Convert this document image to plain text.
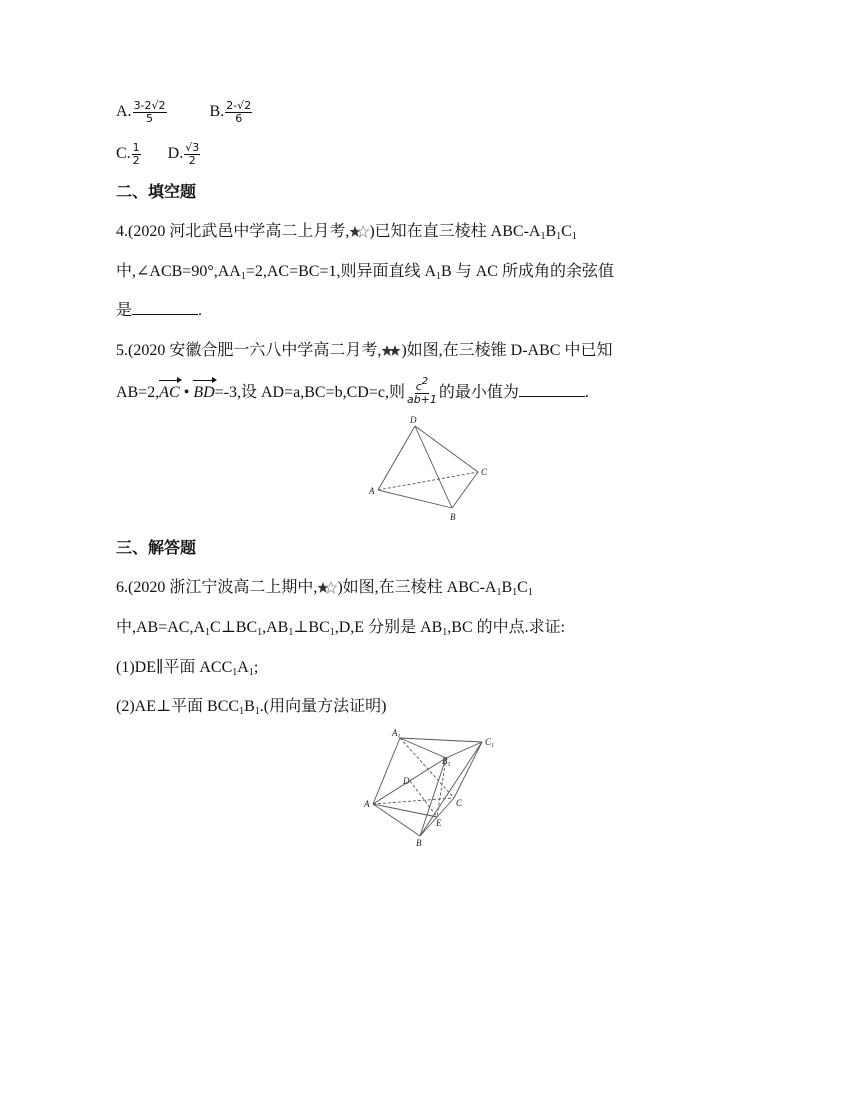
A. $\frac{3-2√2}{5}$	B. $\frac{2-√2}{6}$
C. $\frac{1}{2} D$. $\frac{√3}{2}$
二、填空题
4.(2020 河北武邑中学高二上月考, )已知在直三棱柱 ABC-$A_1B_1C_1$
中$,\angle ACB=90^\circ,AA_1=2,AC=BC=1$,则异面直线 $A_1B$ 与 AC 所成角的余弦值
是	.
5.(2020 安徽合肥一六八中学高二月考, )如图,在三棱锥 D-ABC 中已知
AB=2,AC • BD=-3,设 AD=a,BC=b,CD=c,则 $\frac{c^2}{ab+1}$ 的最小值为	.
D
C
A
B
三、解答题
6.(2020 浙江宁波高二上期中, )如图,在三棱柱 ABC-$A_1B_1C_1$
中$,AB=AC,A_1C\perp BC_1,AB_1\perp BC_1,D,E$ 分别是 $AB_1,BC$ 的中点.求证:
(1)DE∥平面 $ACC_1A_1$;
(2)AE⊥平面 $BCC_1B_1$.(用向量方法证明)
$A_1$
$B_1$
$C_1$
D
A	C
E
B
